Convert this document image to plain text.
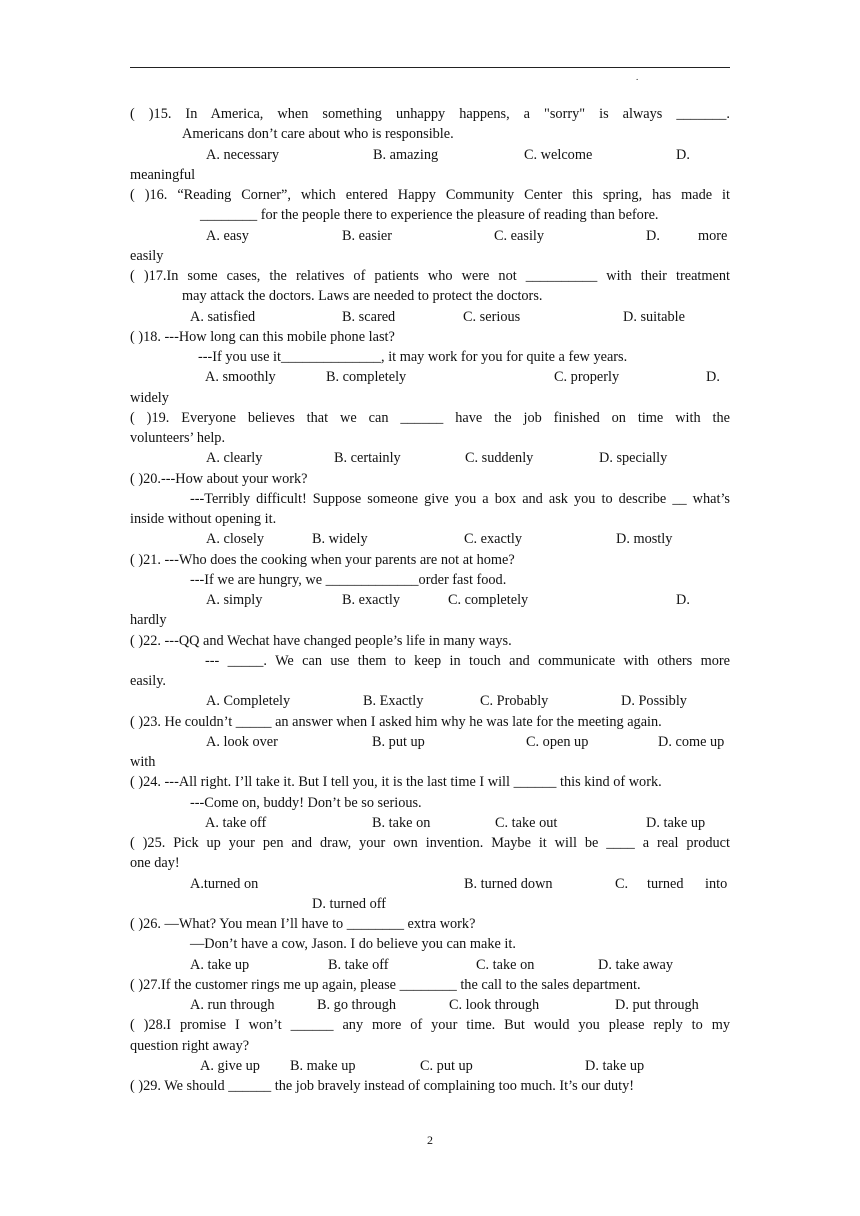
.
( )15. In America, when something unhappy happens, a "sorry" is always _______.
Americans don’t care about who is responsible.
A. necessary	B. amazing	C. welcome	D.
meaningful
( )16. “Reading Corner”, which entered Happy Community Center this spring, has made it
________ for the people there to experience the pleasure of reading than before.
A. easy	B. easier	C. easily	D.	more
easily
( )17.In some cases, the relatives of patients who were not __________ with their treatment
may attack the doctors. Laws are needed to protect the doctors.
A. satisfied	B. scared	C. serious	D. suitable
( )18. ---How long can this mobile phone last?
---If you use it______________, it may work for you for quite a few years.
A. smoothly	B. completely	C. properly	D.
widely
( )19. Everyone believes that we can ______ have the job finished on time with the
volunteers’ help.
A. clearly	B. certainly	C. suddenly	D. specially
( )20.---How about your work?
---Terribly difficult! Suppose someone give you a box and ask you to describe __ what’s
inside without opening it.
A. closely	B. widely	C. exactly	D. mostly
( )21. ---Who does the cooking when your parents are not at home?
---If we are hungry, we _____________order fast food.
A. simply	B. exactly	C. completely	D.
hardly
( )22. ---QQ and Wechat have changed people’s life in many ways.
--- _____. We can use them to keep in touch and communicate with others more
easily.
A. Completely	B. Exactly	C. Probably	D. Possibly
( )23. He couldn’t _____ an answer when I asked him why he was late for the meeting again.
A. look over	B. put up	C. open up	D. come up
with
( )24. ---All right. I’ll take it. But I tell you, it is the last time I will ______ this kind of work.
---Come on, buddy! Don’t be so serious.
A. take off	B. take on	C. take out	D. take up
( )25. Pick up your pen and draw, your own invention. Maybe it will be ____ a real product
one day!
A.turned on	B. turned down	C. turned into
D. turned off
( )26. —What? You mean I’ll have to ________ extra work?
—Don’t have a cow, Jason. I do believe you can make it.
A. take up	B. take off	C. take on	D. take away
( )27.If the customer rings me up again, please ________ the call to the sales department.
A. run through	B. go through	C. look through	D. put through
( )28.I promise I won’t ______ any more of your time. But would you please reply to my
question right away?
A. give up B. make up	C. put up	D. take up
( )29. We should ______ the job bravely instead of complaining too much. It’s our duty!
2
